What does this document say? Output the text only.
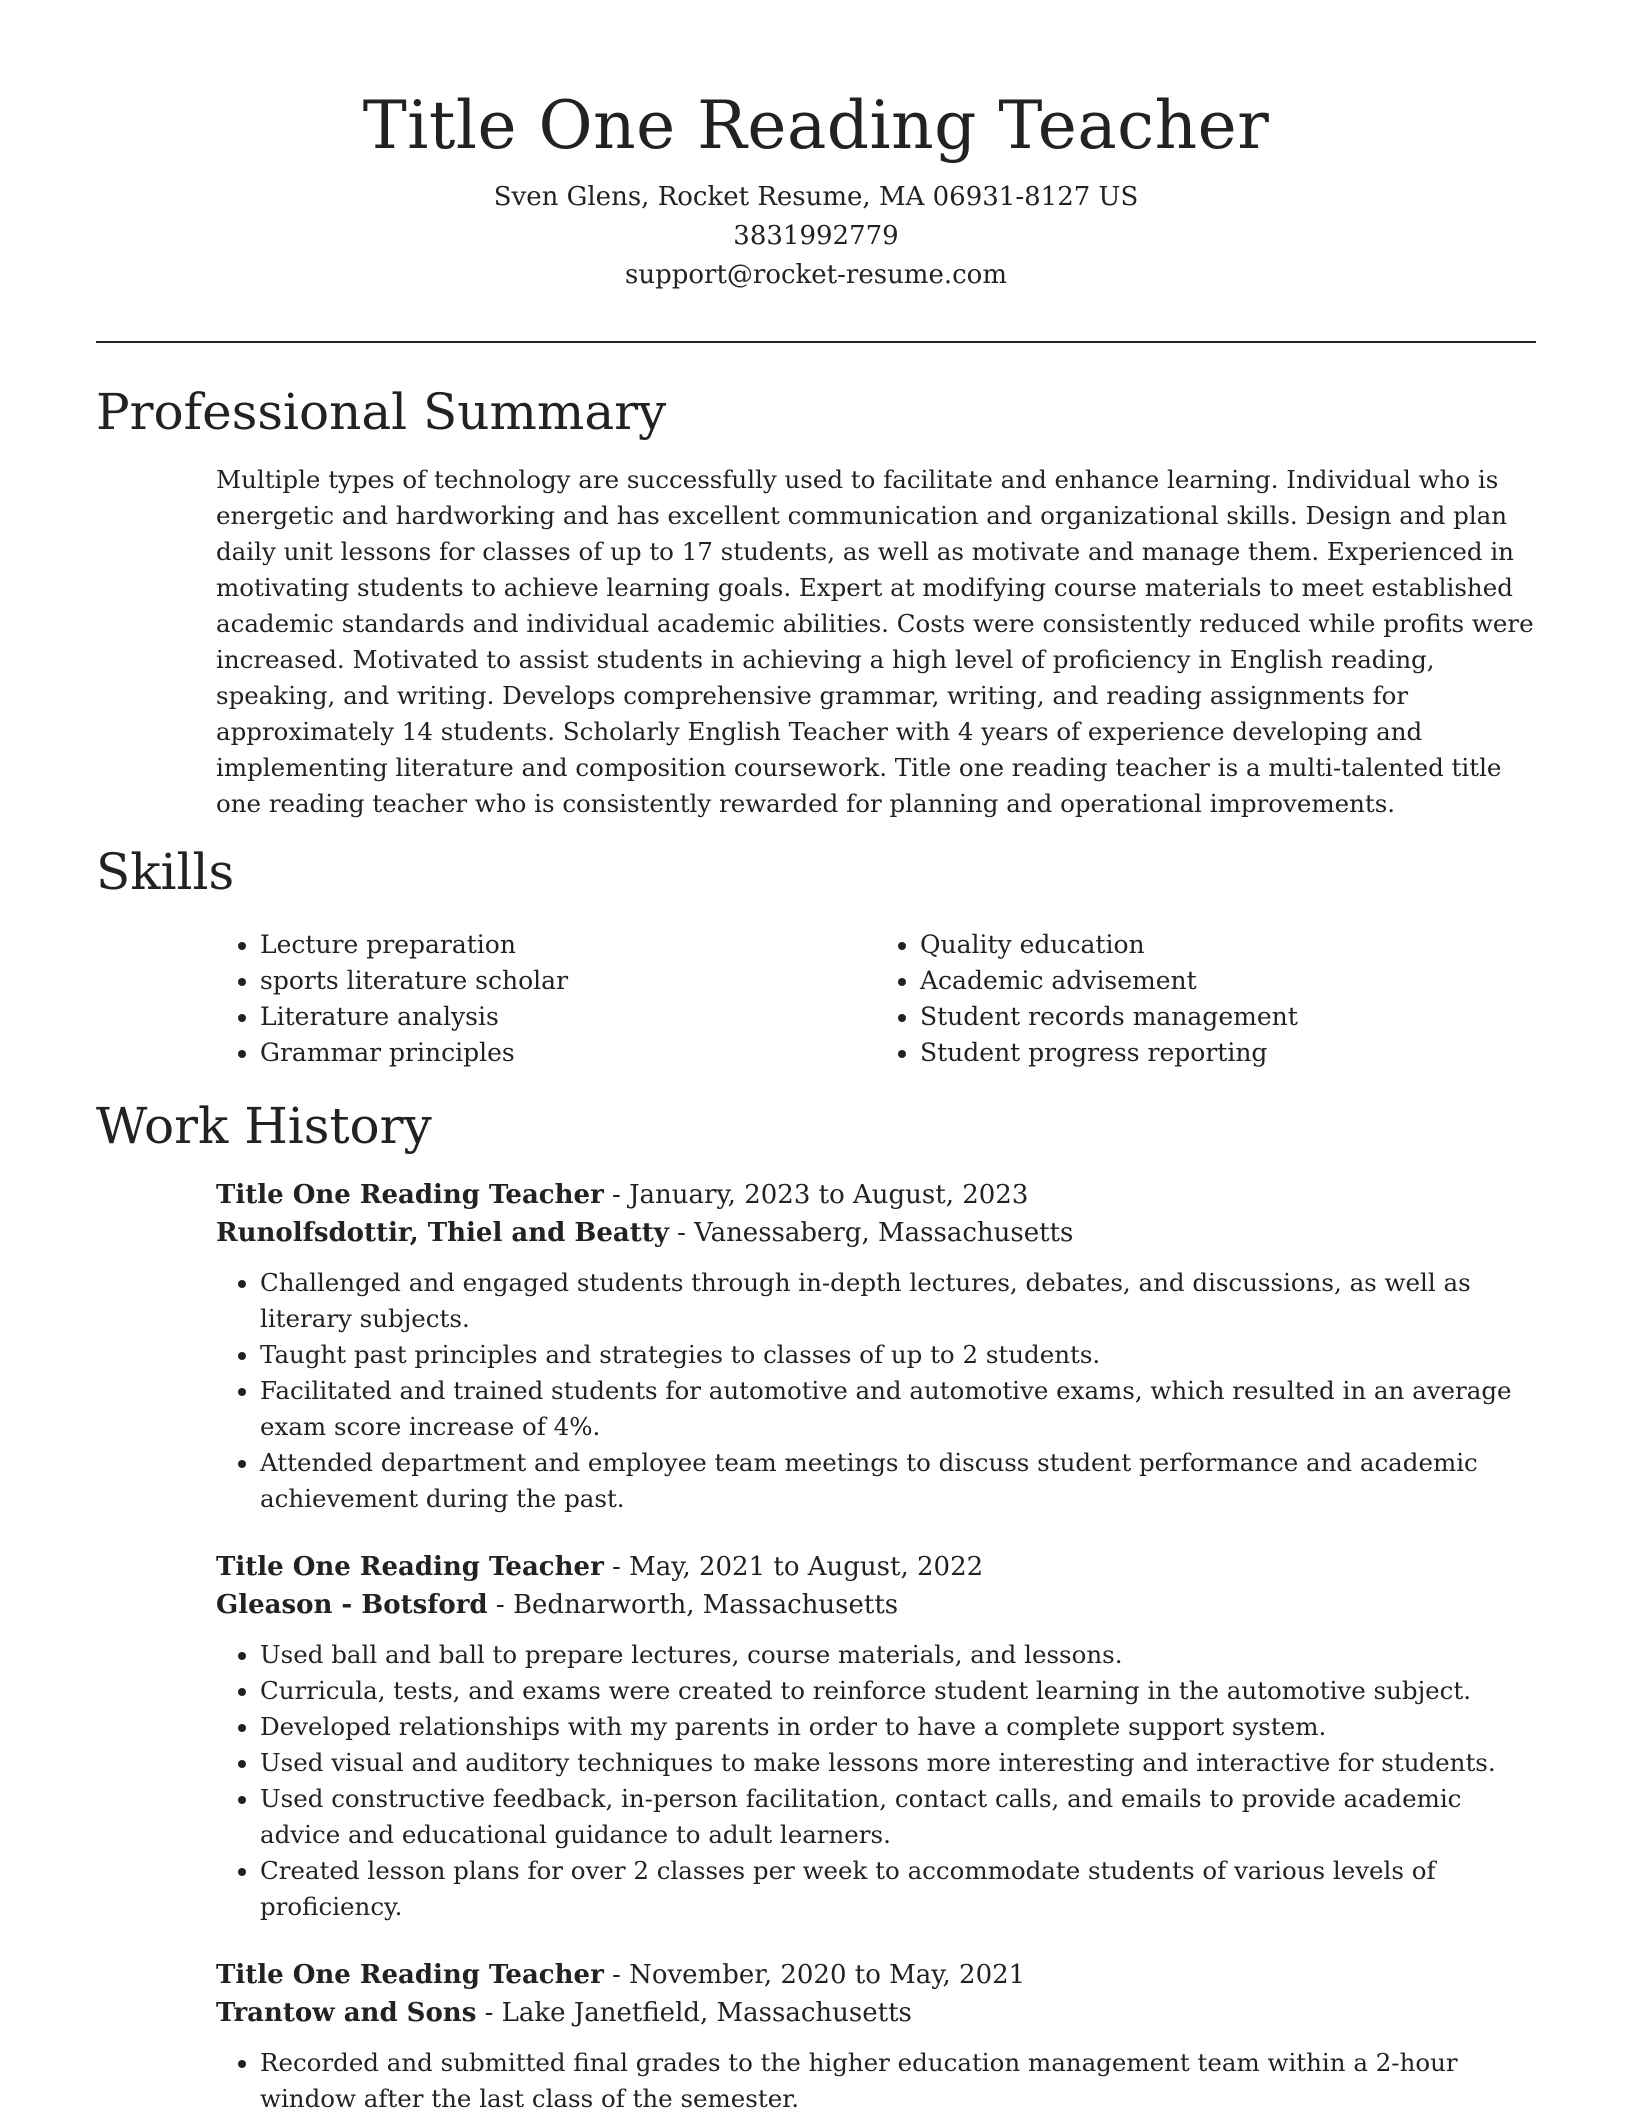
Title One Reading Teacher
Sven Glens, Rocket Resume, MA 06931-8127 US
3831992779
support@rocket-resume.com
Professional Summary

Multiple types of technology are successfully used to facilitate and enhance learning. Individual who is energetic and hardworking and has excellent communication and organizational skills. Design and plan daily unit lessons for classes of up to 17 students, as well as motivate and manage them. Experienced in motivating students to achieve learning goals. Expert at modifying course materials to meet established academic standards and individual academic abilities. Costs were consistently reduced while profits were increased. Motivated to assist students in achieving a high level of proficiency in English reading, speaking, and writing. Develops comprehensive grammar, writing, and reading assignments for approximately 14 students. Scholarly English Teacher with 4 years of experience developing and implementing literature and composition coursework. Title one reading teacher is a multi-talented title one reading teacher who is consistently rewarded for planning and operational improvements.

Skills
• Lecture preparation
• sports literature scholar
• Literature analysis
• Grammar principles
• Quality education
• Academic advisement
• Student records management
• Student progress reporting
Work History
Title One Reading Teacher - January, 2023 to August, 2023
Runolfsdottir, Thiel and Beatty - Vanessaberg, Massachusetts
• Challenged and engaged students through in-depth lectures, debates, and discussions, as well as literary subjects.
• Taught past principles and strategies to classes of up to 2 students.
• Facilitated and trained students for automotive and automotive exams, which resulted in an average exam score increase of 4%.
• Attended department and employee team meetings to discuss student performance and academic achievement during the past.
Title One Reading Teacher - May, 2021 to August, 2022
Gleason - Botsford - Bednarworth, Massachusetts
• Used ball and ball to prepare lectures, course materials, and lessons.
• Curricula, tests, and exams were created to reinforce student learning in the automotive subject.
• Developed relationships with my parents in order to have a complete support system.
• Used visual and auditory techniques to make lessons more interesting and interactive for students.
• Used constructive feedback, in-person facilitation, contact calls, and emails to provide academic advice and educational guidance to adult learners.
• Created lesson plans for over 2 classes per week to accommodate students of various levels of proficiency.
Title One Reading Teacher - November, 2020 to May, 2021
Trantow and Sons - Lake Janetfield, Massachusetts
• Recorded and submitted final grades to the higher education management team within a 2-hour window after the last class of the semester.
